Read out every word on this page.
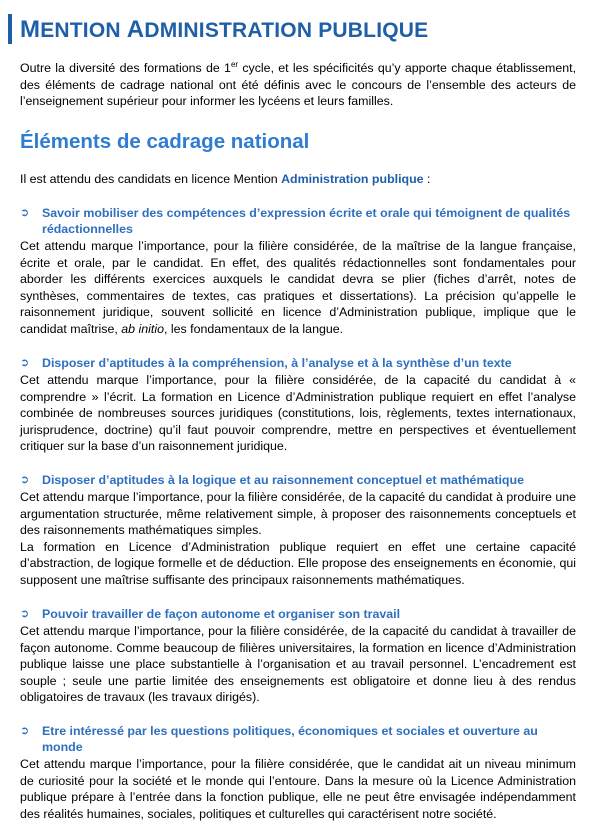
MENTION ADMINISTRATION PUBLIQUE
Outre la diversité des formations de 1er cycle, et les spécificités qu’y apporte chaque établissement, des éléments de cadrage national ont été définis avec le concours de l’ensemble des acteurs de l’enseignement supérieur pour informer les lycéens et leurs familles.
Éléments de cadrage national
Il est attendu des candidats en licence Mention Administration publique :
➲	Savoir mobiliser des compétences d’expression écrite et orale qui témoignent de qualités rédactionnelles
Cet attendu marque l’importance, pour la filière considérée, de la maîtrise de la langue française, écrite et orale, par le candidat. En effet, des qualités rédactionnelles sont fondamentales pour aborder les différents exercices auxquels le candidat devra se plier (fiches d’arrêt, notes de synthèses, commentaires de textes, cas pratiques et dissertations). La précision qu’appelle le raisonnement juridique, souvent sollicité en licence d’Administration publique, implique que le candidat maîtrise, ab initio, les fondamentaux de la langue.
➲	Disposer d’aptitudes à la compréhension, à l’analyse et à la synthèse d’un texte
Cet attendu marque l’importance, pour la filière considérée, de la capacité du candidat à « comprendre » l’écrit. La formation en Licence d’Administration publique requiert en effet l’analyse combinée de nombreuses sources juridiques (constitutions, lois, règlements, textes internationaux, jurisprudence, doctrine) qu’il faut pouvoir comprendre, mettre en perspectives et éventuellement critiquer sur la base d’un raisonnement juridique.
➲	Disposer d’aptitudes à la logique et au raisonnement conceptuel et mathématique

Cet attendu marque l’importance, pour la filière considérée, de la capacité du candidat à produire une argumentation structurée, même relativement simple, à proposer des raisonnements conceptuels et des raisonnements mathématiques simples.

La formation en Licence d’Administration publique requiert en effet une certaine capacité d’abstraction, de logique formelle et de déduction. Elle propose des enseignements en économie, qui supposent une maîtrise suffisante des principaux raisonnements mathématiques.

➲	Pouvoir travailler de façon autonome et organiser son travail
Cet attendu marque l’importance, pour la filière considérée, de la capacité du candidat à travailler de façon autonome. Comme beaucoup de filières universitaires, la formation en licence d’Administration publique laisse une place substantielle à l’organisation et au travail personnel. L’encadrement est souple ; seule une partie limitée des enseignements est obligatoire et donne lieu à des rendus obligatoires de travaux (les travaux dirigés).
➲	Etre intéressé par les questions politiques, économiques et sociales et ouverture au monde
Cet attendu marque l’importance, pour la filière considérée, que le candidat ait un niveau minimum de curiosité pour la société et le monde qui l’entoure. Dans la mesure où la Licence Administration publique prépare à l’entrée dans la fonction publique, elle ne peut être envisagée indépendamment des réalités humaines, sociales, politiques et culturelles qui caractérisent notre société.
